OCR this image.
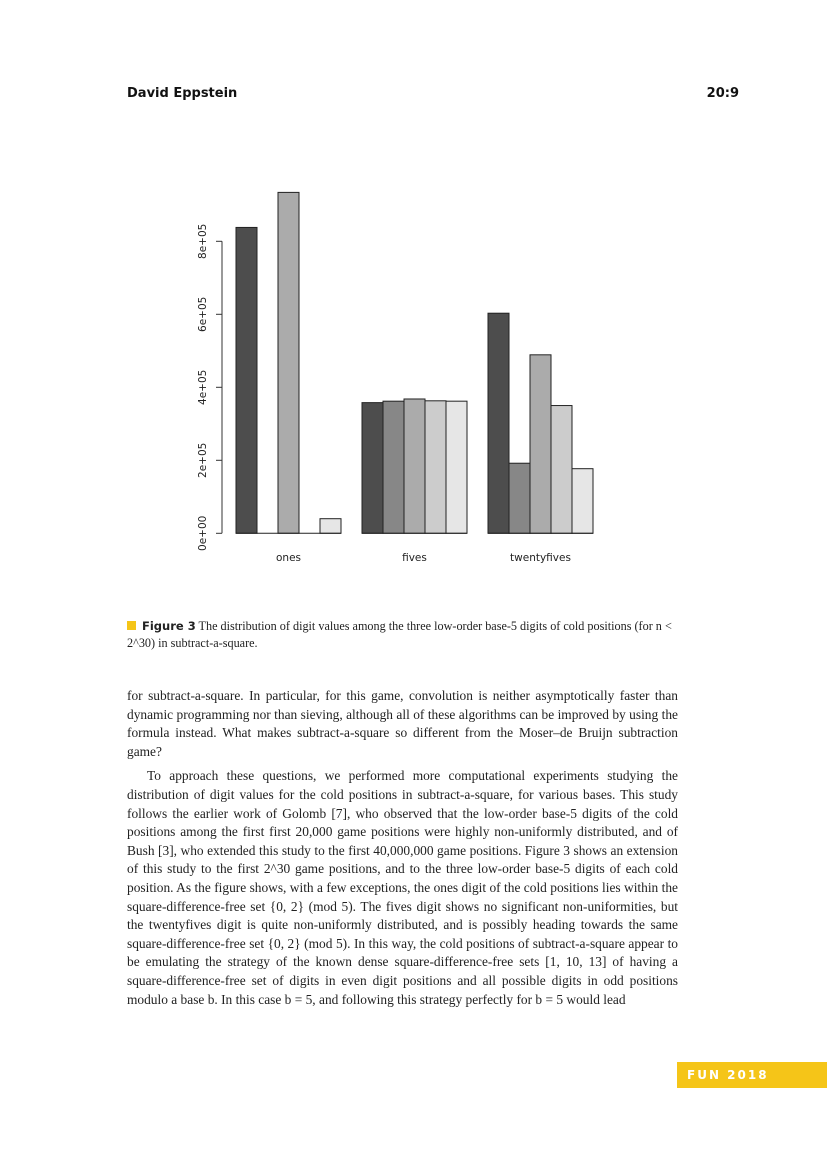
David Eppstein	20:9
0e+00
2e+05
4e+05
6e+05
8e+05
ones	fives	twentyfives
Figure 3 The distribution of digit values among the three low-order base-5 digits of cold positions (for n < 2^30) in subtract-a-square.

for subtract-a-square. In particular, for this game, convolution is neither asymptotically faster than dynamic programming nor than sieving, although all of these algorithms can be improved by using the formula instead. What makes subtract-a-square so different from the Moser–de Bruijn subtraction game?

To approach these questions, we performed more computational experiments studying the distribution of digit values for the cold positions in subtract-a-square, for various bases. This study follows the earlier work of Golomb [7], who observed that the low-order base-5 digits of the cold positions among the first first 20,000 game positions were highly non-uniformly distributed, and of Bush [3], who extended this study to the first 40,000,000 game positions. Figure 3 shows an extension of this study to the first 2^30 game positions, and to the three low-order base-5 digits of each cold position. As the figure shows, with a few exceptions, the ones digit of the cold positions lies within the square-difference-free set {0, 2} (mod 5). The fives digit shows no significant non-uniformities, but the twentyfives digit is quite non-uniformly distributed, and is possibly heading towards the same square-difference-free set {0, 2} (mod 5). In this way, the cold positions of subtract-a-square appear to be emulating the strategy of the known dense square-difference-free sets [1, 10, 13] of having a square-difference-free set of digits in even digit positions and all possible digits in odd positions modulo a base b. In this case b = 5, and following this strategy perfectly for b = 5 would lead

FUN 2018
